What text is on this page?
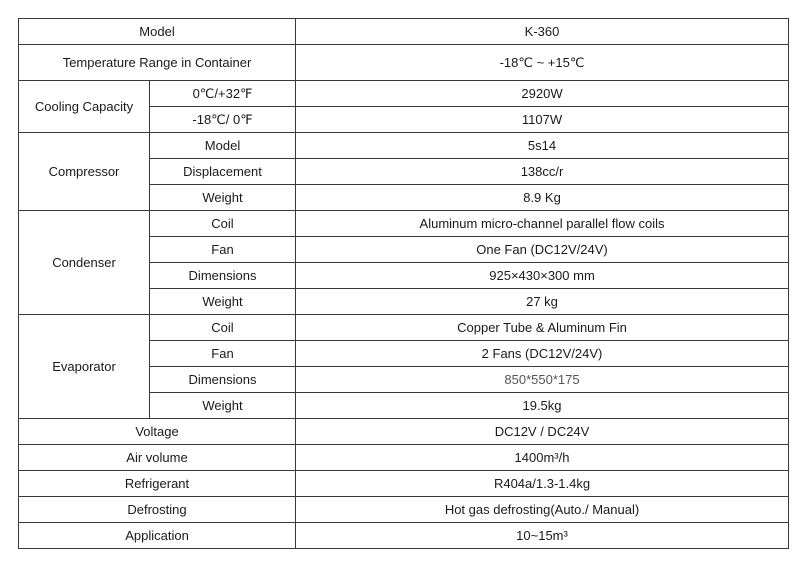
Model		K-360
Temperature Range in Container		-18℃ ~ +15℃
Cooling Capacity	0℃/+32℉	2920W
	-18℃/ 0℉	1107W
Compressor	Model	5s14
	Displacement	138cc/r
	Weight	8.9 Kg
Condenser	Coil	Aluminum micro-channel parallel flow coils
	Fan	One Fan (DC12V/24V)
	Dimensions	925×430×300 mm
	Weight	27 kg
Evaporator	Coil	Copper Tube & Aluminum Fin
	Fan	2 Fans (DC12V/24V)
	Dimensions	850*550*175
	Weight	19.5kg
Voltage		DC12V / DC24V
Air volume		1400m³/h
Refrigerant		R404a/1.3-1.4kg
Defrosting		Hot gas defrosting(Auto./ Manual)
Application		10~15m³
